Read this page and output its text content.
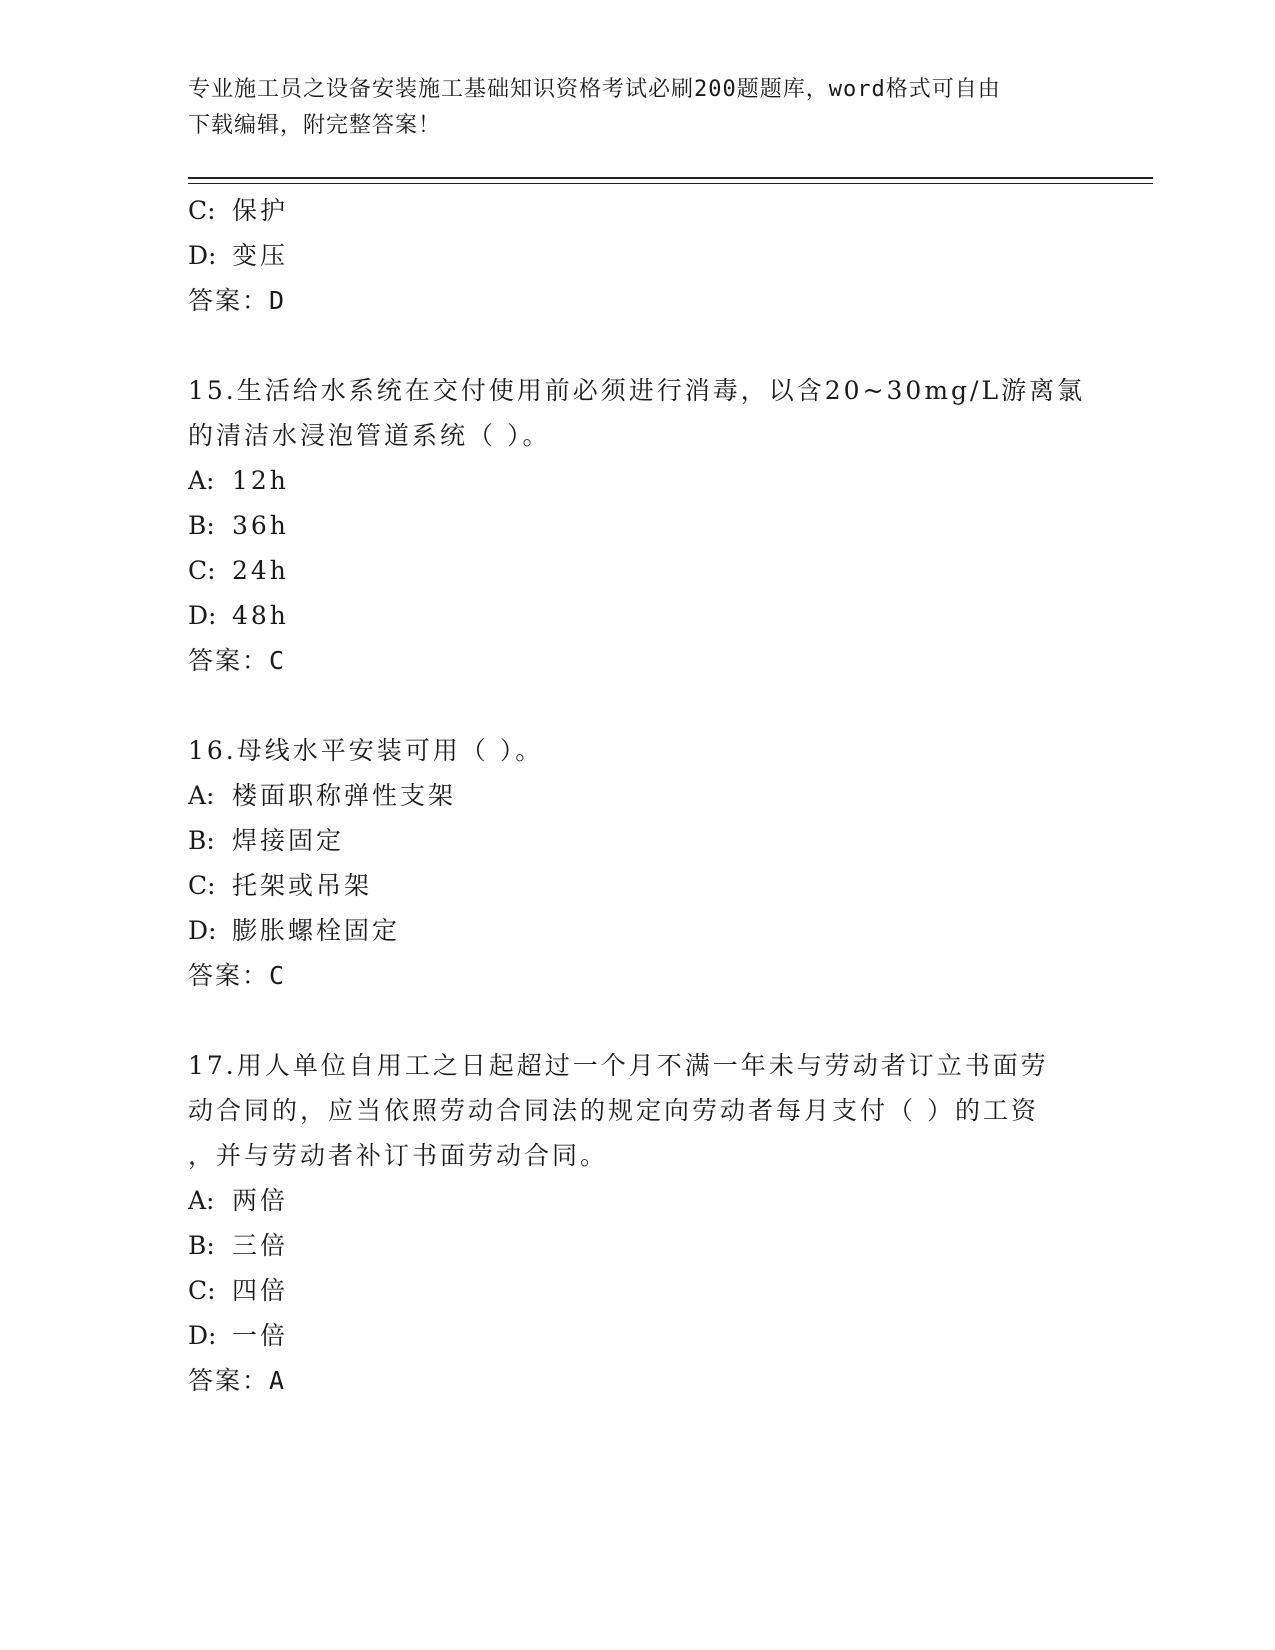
专业施工员之设备安装施工基础知识资格考试必刷200题题库，word格式可自由
下载编辑，附完整答案！
C: 保护
D: 变压
答案：D
15.生活给水系统在交付使用前必须进行消毒，以含20~30mg/L游离氯
的清洁水浸泡管道系统（ ）。
A: 12h
B: 36h
C: 24h
D: 48h
答案：C
16.母线水平安装可用（ ）。
A: 楼面职称弹性支架
B: 焊接固定
C: 托架或吊架
D: 膨胀螺栓固定
答案：C
17.用人单位自用工之日起超过一个月不满一年未与劳动者订立书面劳
动合同的，应当依照劳动合同法的规定向劳动者每月支付（ ）的工资
，并与劳动者补订书面劳动合同。
A: 两倍
B: 三倍
C: 四倍
D: 一倍
答案：A
